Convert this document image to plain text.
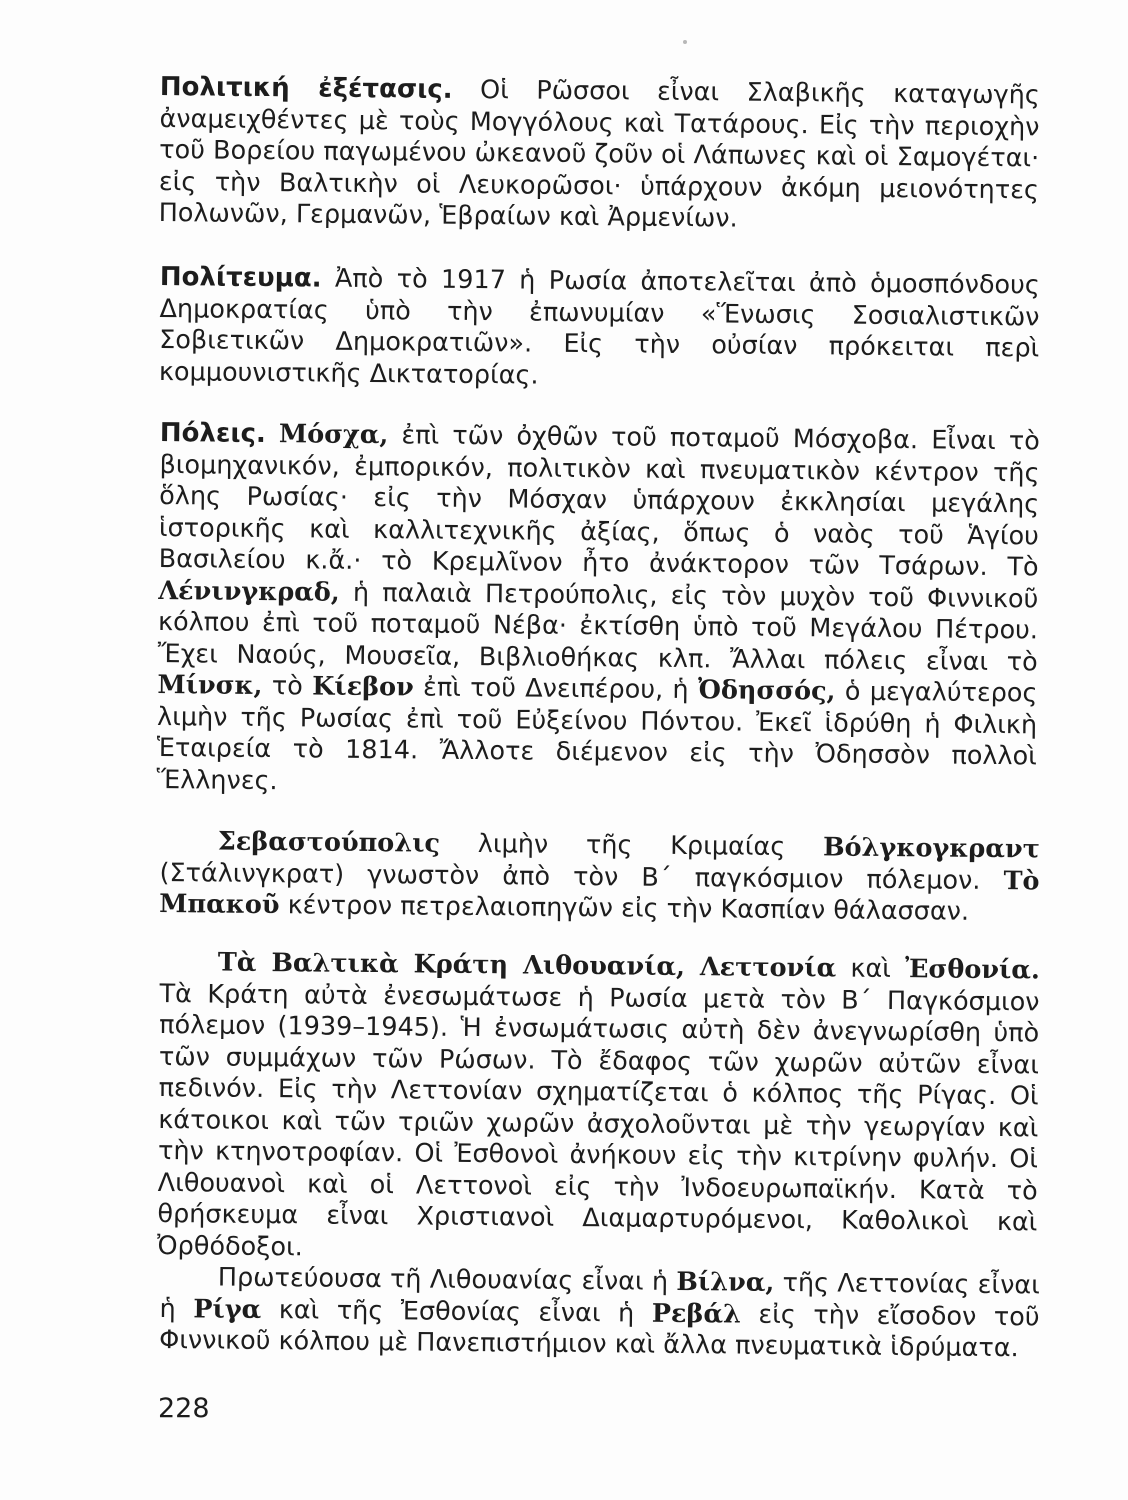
Πολιτική ἐξέτασις. Οἱ Ρῶσσοι εἶναι Σλαβικῆς καταγωγῆς ἀναμειχθέντες μὲ τοὺς Μογγόλους καὶ Τατάρους. Εἰς τὴν περιοχὴν τοῦ Βορείου παγωμένου ὠκεανοῦ ζοῦν οἱ Λάπωνες καὶ οἱ Σαμογέται· εἰς τὴν Βαλτικὴν οἱ Λευκορῶσοι· ὑπάρχουν ἀκόμη μειονότητες Πολωνῶν, Γερμανῶν, Ἑβραίων καὶ Ἀρμενίων.

Πολίτευμα. Ἀπὸ τὸ 1917 ἡ Ρωσία ἀποτελεῖται ἀπὸ ὁμοσπόνδους Δημοκρατίας ὑπὸ τὴν ἐπωνυμίαν «Ἕνωσις Σοσιαλιστικῶν Σοβιετικῶν Δημοκρατιῶν». Εἰς τὴν οὐσίαν πρόκειται περὶ κομμουνιστικῆς Δικτατορίας.

Πόλεις. Μόσχα, ἐπὶ τῶν ὀχθῶν τοῦ ποταμοῦ Μόσχοβα. Εἶναι τὸ βιομηχανικόν, ἐμπορικόν, πολιτικὸν καὶ πνευματικὸν κέντρον τῆς ὅλης Ρωσίας· εἰς τὴν Μόσχαν ὑπάρχουν ἐκκλησίαι μεγάλης ἱστορικῆς καὶ καλλιτεχνικῆς ἀξίας, ὅπως ὁ ναὸς τοῦ Ἁγίου Βασιλείου κ.ἄ.· τὸ Κρεμλῖνον ἦτο ἀνάκτορον τῶν Τσάρων. Τὸ Λένινγκραδ, ἡ παλαιὰ Πετρούπολις, εἰς τὸν μυχὸν τοῦ Φιννικοῦ κόλπου ἐπὶ τοῦ ποταμοῦ Νέβα· ἐκτίσθη ὑπὸ τοῦ Μεγάλου Πέτρου. Ἔχει Ναούς, Μουσεῖα, Βιβλιοθήκας κλπ. Ἄλλαι πόλεις εἶναι τὸ Μίνσκ, τὸ Κίεβον ἐπὶ τοῦ Δνειπέρου, ἡ Ὀδησσός, ὁ μεγαλύτερος λιμὴν τῆς Ρωσίας ἐπὶ τοῦ Εὐξείνου Πόντου. Ἐκεῖ ἱδρύθη ἡ Φιλικὴ Ἑταιρεία τὸ 1814. Ἄλλοτε διέμενον εἰς τὴν Ὀδησσὸν πολλοὶ Ἕλληνες.

Σεβαστούπολις λιμὴν τῆς Κριμαίας Βόλγκογκραντ (Στάλινγκρατ) γνωστὸν ἀπὸ τὸν Β΄ παγκόσμιον πόλεμον. Τὸ Μπακοῦ κέντρον πετρελαιοπηγῶν εἰς τὴν Κασπίαν θάλασσαν.

Τὰ Βαλτικὰ Κράτη Λιθουανία, Λεττονία καὶ Ἐσθονία. Τὰ Κράτη αὐτὰ ἐνεσωμάτωσε ἡ Ρωσία μετὰ τὸν Β΄ Παγκόσμιον πόλεμον (1939–1945). Ἡ ἐνσωμάτωσις αὐτὴ δὲν ἀνεγνωρίσθη ὑπὸ τῶν συμμάχων τῶν Ρώσων. Τὸ ἔδαφος τῶν χωρῶν αὐτῶν εἶναι πεδινόν. Εἰς τὴν Λεττονίαν σχηματίζεται ὁ κόλπος τῆς Ρίγας. Οἱ κάτοικοι καὶ τῶν τριῶν χωρῶν ἀσχολοῦνται μὲ τὴν γεωργίαν καὶ τὴν κτηνοτροφίαν. Οἱ Ἐσθονοὶ ἀνήκουν εἰς τὴν κιτρίνην φυλήν. Οἱ Λιθουανοὶ καὶ οἱ Λεττονοὶ εἰς τὴν Ἰνδοευρωπαϊκήν. Κατὰ τὸ θρήσκευμα εἶναι Χριστιανοὶ Διαμαρτυρόμενοι, Καθολικοὶ καὶ Ὀρθόδοξοι.

Πρωτεύουσα τῆ Λιθουανίας εἶναι ἡ Βίλνα, τῆς Λεττονίας εἶναι ἡ Ρίγα καὶ τῆς Ἐσθονίας εἶναι ἡ Ρεβάλ εἰς τὴν εἴσοδον τοῦ Φιννικοῦ κόλπου μὲ Πανεπιστήμιον καὶ ἄλλα πνευματικὰ ἱδρύματα.

228
